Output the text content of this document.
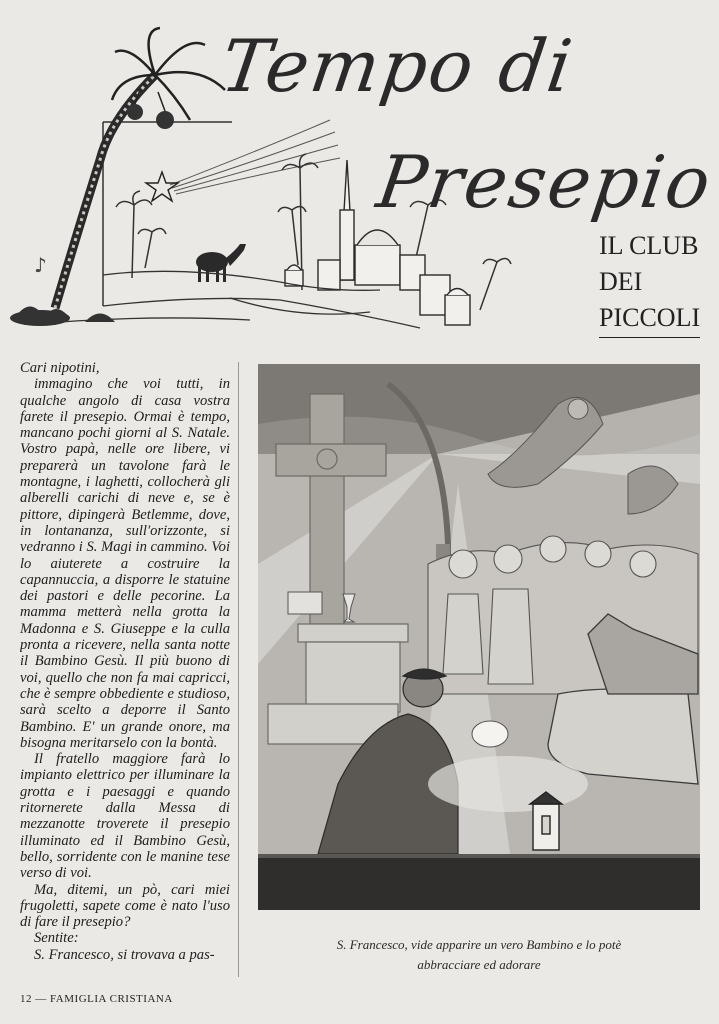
♪
Tempo di
Presepio
IL CLUB
DEI
PICCOLI

Cari nipotini,

immagino che voi tutti, in qualche angolo di casa vostra farete il presepio. Ormai è tempo, mancano pochi giorni al S. Natale. Vostro papà, nelle ore libere, vi preparerà un tavolone farà le montagne, i laghetti, collocherà gli alberelli carichi di neve e, se è pittore, dipingerà Betlemme, dove, in lontananza, sull'orizzonte, si vedranno i S. Magi in cammino. Voi lo aiuterete a costruire la capannuccia, a disporre le statuine dei pastori e delle pecorine. La mamma metterà nella grotta la Madonna e S. Giuseppe e la culla pronta a ricevere, nella santa notte il Bambino Gesù. Il più buono di voi, quello che non fa mai capricci, che è sempre obbediente e studioso, sarà scelto a deporre il Santo Bambino. E' un grande onore, ma bisogna meritarselo con la bontà.

Il fratello maggiore farà lo impianto elettrico per illuminare la grotta e i paesaggi e quando ritornerete dalla Messa di mezzanotte troverete il presepio illuminato ed il Bambino Gesù, bello, sorridente con le manine tese verso di voi.

Ma, ditemi, un pò, cari miei frugoletti, sapete come è nato l'uso di fare il presepio?

Sentite:

S. Francesco, si trovava a pas-

S. Francesco, vide apparire un vero Bambino e lo potè
abbracciare ed adorare
12 — FAMIGLIA CRISTIANA
